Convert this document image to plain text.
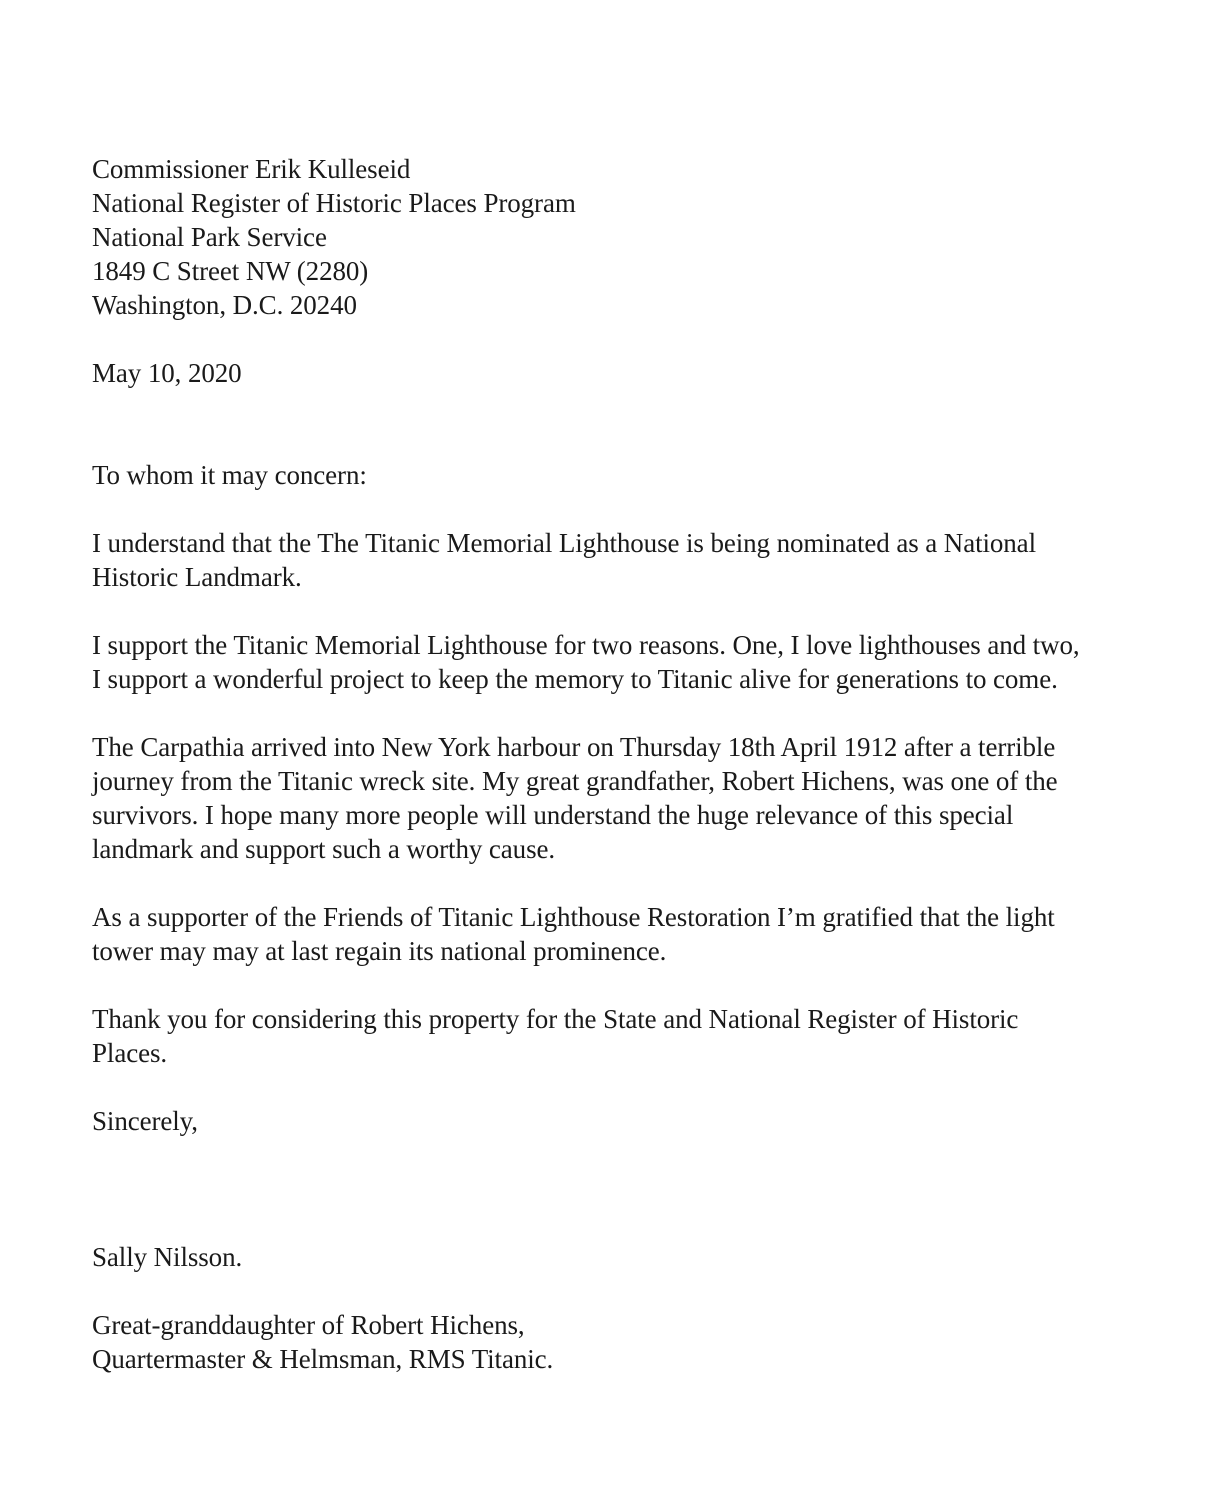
Commissioner Erik Kulleseid
National Register of Historic Places Program
National Park Service
1849 C Street NW (2280)
Washington, D.C. 20240
May 10, 2020
To whom it may concern:
I understand that the The Titanic Memorial Lighthouse is being nominated as a National
Historic Landmark.
I support the Titanic Memorial Lighthouse for two reasons. One, I love lighthouses and two,
I support a wonderful project to keep the memory to Titanic alive for generations to come.
The Carpathia arrived into New York harbour on Thursday 18th April 1912 after a terrible
journey from the Titanic wreck site. My great grandfather, Robert Hichens, was one of the
survivors. I hope many more people will understand the huge relevance of this special
landmark and support such a worthy cause.
As a supporter of the Friends of Titanic Lighthouse Restoration I’m gratified that the light
tower may may at last regain its national prominence.
Thank you for considering this property for the State and National Register of Historic
Places.
Sincerely,
Sally Nilsson.
Great-granddaughter of Robert Hichens,
Quartermaster & Helmsman, RMS Titanic.
